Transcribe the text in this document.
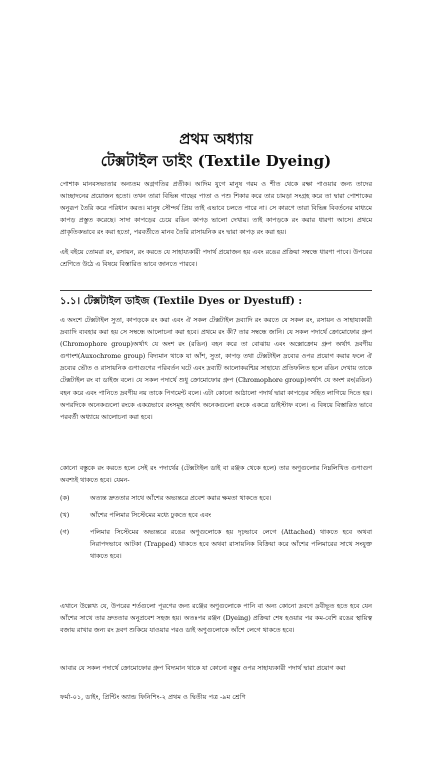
প্রথম অধ্যায়
টেক্সটাইল ডাইং (Textile Dyeing)

পোশাক মানবসভ্যতার অন্যতম অগ্রগতির প্রতীক। আদিম যুগে মানুষ গরম ও শীত থেকে রক্ষা পাওয়ার জন্য তাদের আচ্ছাদনের প্রয়োজন হতো। তখন তারা বিভিন্ন গাছের পাতা ও পশু শিকার করে তার চামড়া সংগ্রহ করে তা দ্বারা পোশাকের অনুরূপ তৈরি করে পরিধান করত। মানুষ সৌন্দর্য প্রিয় তাই এভাবে চলতে পারে না। সে কারণে তারা বিভিন্ন বিবর্তনের মাধ্যমে কাপড় প্রস্তুত করেছে। সাদা কাপড়ের চেয়ে রঙিন কাপড় ভালো দেখায়। তাই কাপড়কে রং করার ধারণা আসে। প্রথমে প্রাকৃতিকভাবে রং করা হতো, পরবর্তীতে মানব তৈরি রাসায়নিক রং দ্বারা কাপড় রং করা হয়।

এই বইয়ে তোমরা রং, রসায়ন, রং করতে যে সাহায্যকারী পদার্থ প্রয়োজন হয় এবং রঙের প্রক্রিয়া সম্বন্ধে ধারণা পাবে। উপরের শ্রেণিতে উঠে এ বিষয়ে বিস্তারিত ভাবে জানতে পারবে।

১.১। টেক্সটাইল ডাইজ (Textile Dyes or Dyestuff) :

এ অংশে টেক্সটাইল সুতা, কাপড়কে রং করা এবং ঐ সকল টেক্সটাইল দ্রব্যাদি রং করতে যে সকল রং, রসায়ন ও সাহায্যকারী দ্রব্যাদি ব্যবহার করা হয় সে সম্বন্ধে আলোচনা করা হবে। প্রথমে রং কী? তার সম্বন্ধে জানি। যে সকল পদার্থে ক্রোমোফোর গ্রুপ (Chromophore group)অর্থাৎ যে অংশ রং (রঙিন) বহন করে তা বোঝায় এবং অক্সোক্রোম গ্রুপ অর্থাৎ দ্রবণীয় গুণাংশ(Auxochrome group) বিদ্যমান থাকে যা আঁশ, সুতা, কাপড় তথা টেক্সটাইল দ্রব্যের ওপর প্রয়োগ করার ফলে ঐ দ্রব্যের ভৌত ও রাসায়নিক গুণাগুণের পরিবর্তন ঘটে এবং দ্রব্যটি আলোকরশ্মির সাহায্যে প্রতিফলিত হলে রঙিন দেখায় তাকে টেক্সটাইল রং বা ডাইজ বলে। যে সকল পদার্থে শুধু ক্রোমোফোর গ্রুপ (Chromophore group)অর্থাৎ যে অংশ রং(রঙিন) বহন করে এবং পানিতে দ্রবণীয় নয় তাকে পিগমেন্ট বলে। এটা কোনো আঠালো পদার্থ দ্বারা কাপড়ের সহিত লাগিয়ে দিতে হয়। অপরদিকে অনেকগুলো রংকে একত্রভাবে রংসমূহ অর্থাৎ অনেকগুলো রংকে একত্রে ডাইস্টাফ বলে। এ বিষয়ে বিস্তারিত ভাবে পরবর্তী অধ্যায়ে আলোচনা করা হবে।

কোনো বস্তুকে রং করতে হলে সেই রং পদার্থের (টেক্সটাইল ডাই বা রঞ্জক থেকে হলে) তার অণুগুলোর নিম্নলিখিত গুণাগুণ অবশ্যই থাকতে হবে। যেমন-

(ক)	অত্যন্ত দ্রুততার সাথে আঁশের অভ্যন্তরে প্রবেশ করার ক্ষমতা থাকতে হবে।
(খ)	আঁশের পলিমার সিস্টেমের মধ্যে ঢুকতে হবে এবং
(গ)	পলিমার সিস্টেমের অভ্যন্তরে রঙের অণুগুলোকে হয় দৃঢ়ভাবে লেগে (Attached) থাকতে হবে অথবা নিরাপদভাবে আটকা (Trapped) থাকতে হবে অথবা রাসায়নিক বিক্রিয়া করে আঁশের পলিমারের সাথে সংযুক্ত থাকতে হবে।

এখানে উল্লেখ্য যে, উপরের শর্তগুলো পূরণের জন্য রঞ্জের অণুগুলোকে পানি বা অন্য কোনো দ্রবণে দ্রবীভূত হতে হবে যেন আঁশের সাথে তার দ্রুততার অনুপ্রবেশ সহজ হয়। অতঃপর রঞ্জন (Dyeing) প্রক্রিয়া শেষ হওয়ার পর কম-বেশি রঙের স্থায়িত্ব বজায় রাখার জন্য রং দ্রবণ শুকিয়ে যাওয়ার পরও ডাই অণুগুলোকে আঁশে লেগে থাকতে হবে।

আবার যে সকল পদার্থে ক্রোমোফোর গ্রুপ বিদ্যমান থাকে যা কোনো বস্তুর ওপর সাহায্যকারী পদার্থ দ্বারা প্রয়োগ করা

ফর্মা-০১, ডাইং, প্রিন্টিং অ্যান্ড ফিনিশিং-২ প্রথম ও দ্বিতীয় পত্র -৯ম শ্রেণি
